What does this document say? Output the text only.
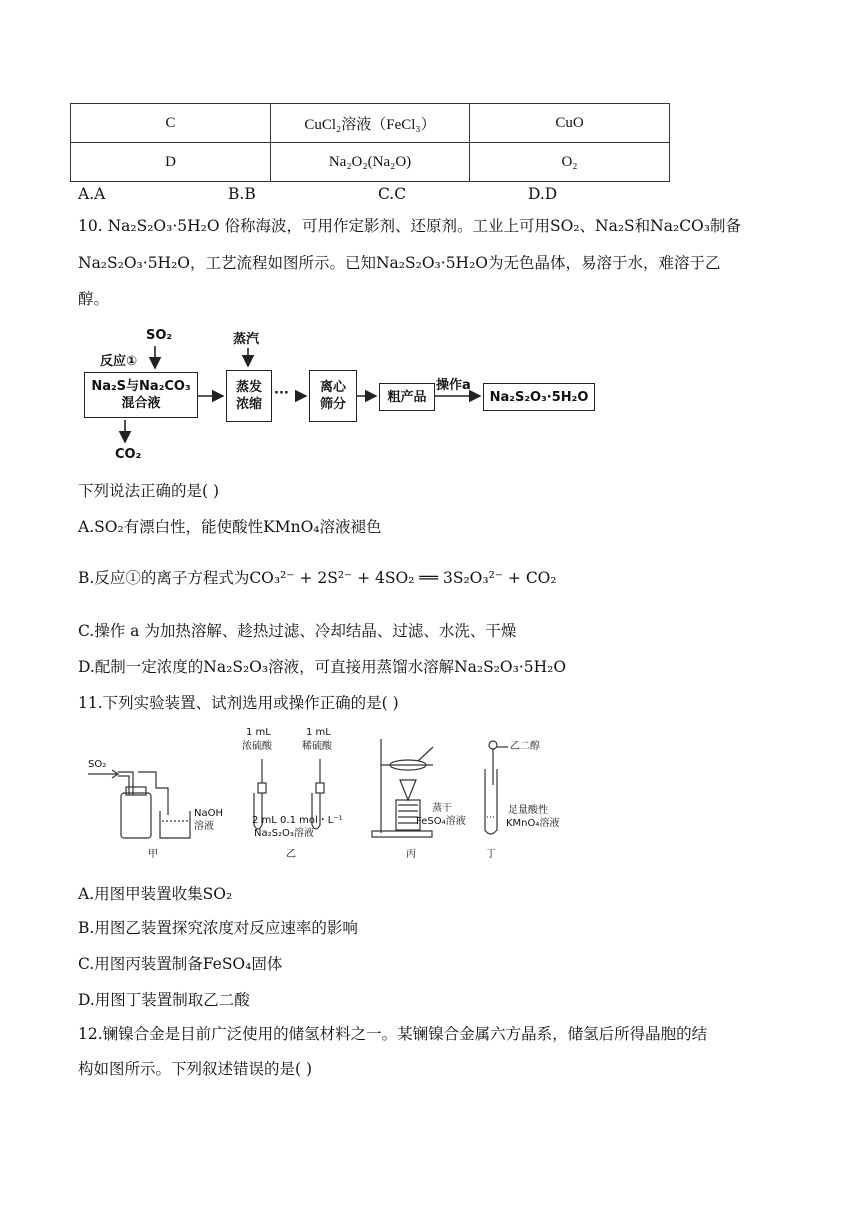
C	CuCl₂溶液（FeCl₃）	CuO
D	Na₂O₂(Na₂O)	O₂
A.A	B.B	C.C	D.D
10. Na₂S₂O₃·5H₂O 俗称海波，可用作定影剂、还原剂。工业上可用SO₂、Na₂S和Na₂CO₃制备
Na₂S₂O₃·5H₂O，工艺流程如图所示。已知Na₂S₂O₃·5H₂O为无色晶体，易溶于水，难溶于乙
醇。
SO₂
反应①
Na₂S与Na₂CO₃
混合液
CO₂
蒸汽
蒸发
浓缩
··· 离心
筛分	粗产品
操作a
Na₂S₂O₃·5H₂O
下列说法正确的是( )
A.SO₂有漂白性，能使酸性KMnO₄溶液褪色
B.反应①的离子方程式为CO₃²⁻ + 2S²⁻ + 4SO₂ ══ 3S₂O₃²⁻ + CO₂
C.操作 a 为加热溶解、趁热过滤、冷却结晶、过滤、水洗、干燥
D.配制一定浓度的Na₂S₂O₃溶液，可直接用蒸馏水溶解Na₂S₂O₃·5H₂O
11.下列实验装置、试剂选用或操作正确的是( )
SO₂
NaOH
溶液
甲
1 mL
浓硫酸
1 mL
稀硫酸
2 mL 0.1 mol・L⁻¹
Na₂S₂O₃溶液
乙
蒸干
FeSO₄溶液
丙
乙二醇
足量酸性
KMnO₄溶液
丁
A.用图甲装置收集SO₂
B.用图乙装置探究浓度对反应速率的影响
C.用图丙装置制备FeSO₄固体
D.用图丁装置制取乙二酸
12.镧镍合金是目前广泛使用的储氢材料之一。某镧镍合金属六方晶系，储氢后所得晶胞的结
构如图所示。下列叙述错误的是( )
